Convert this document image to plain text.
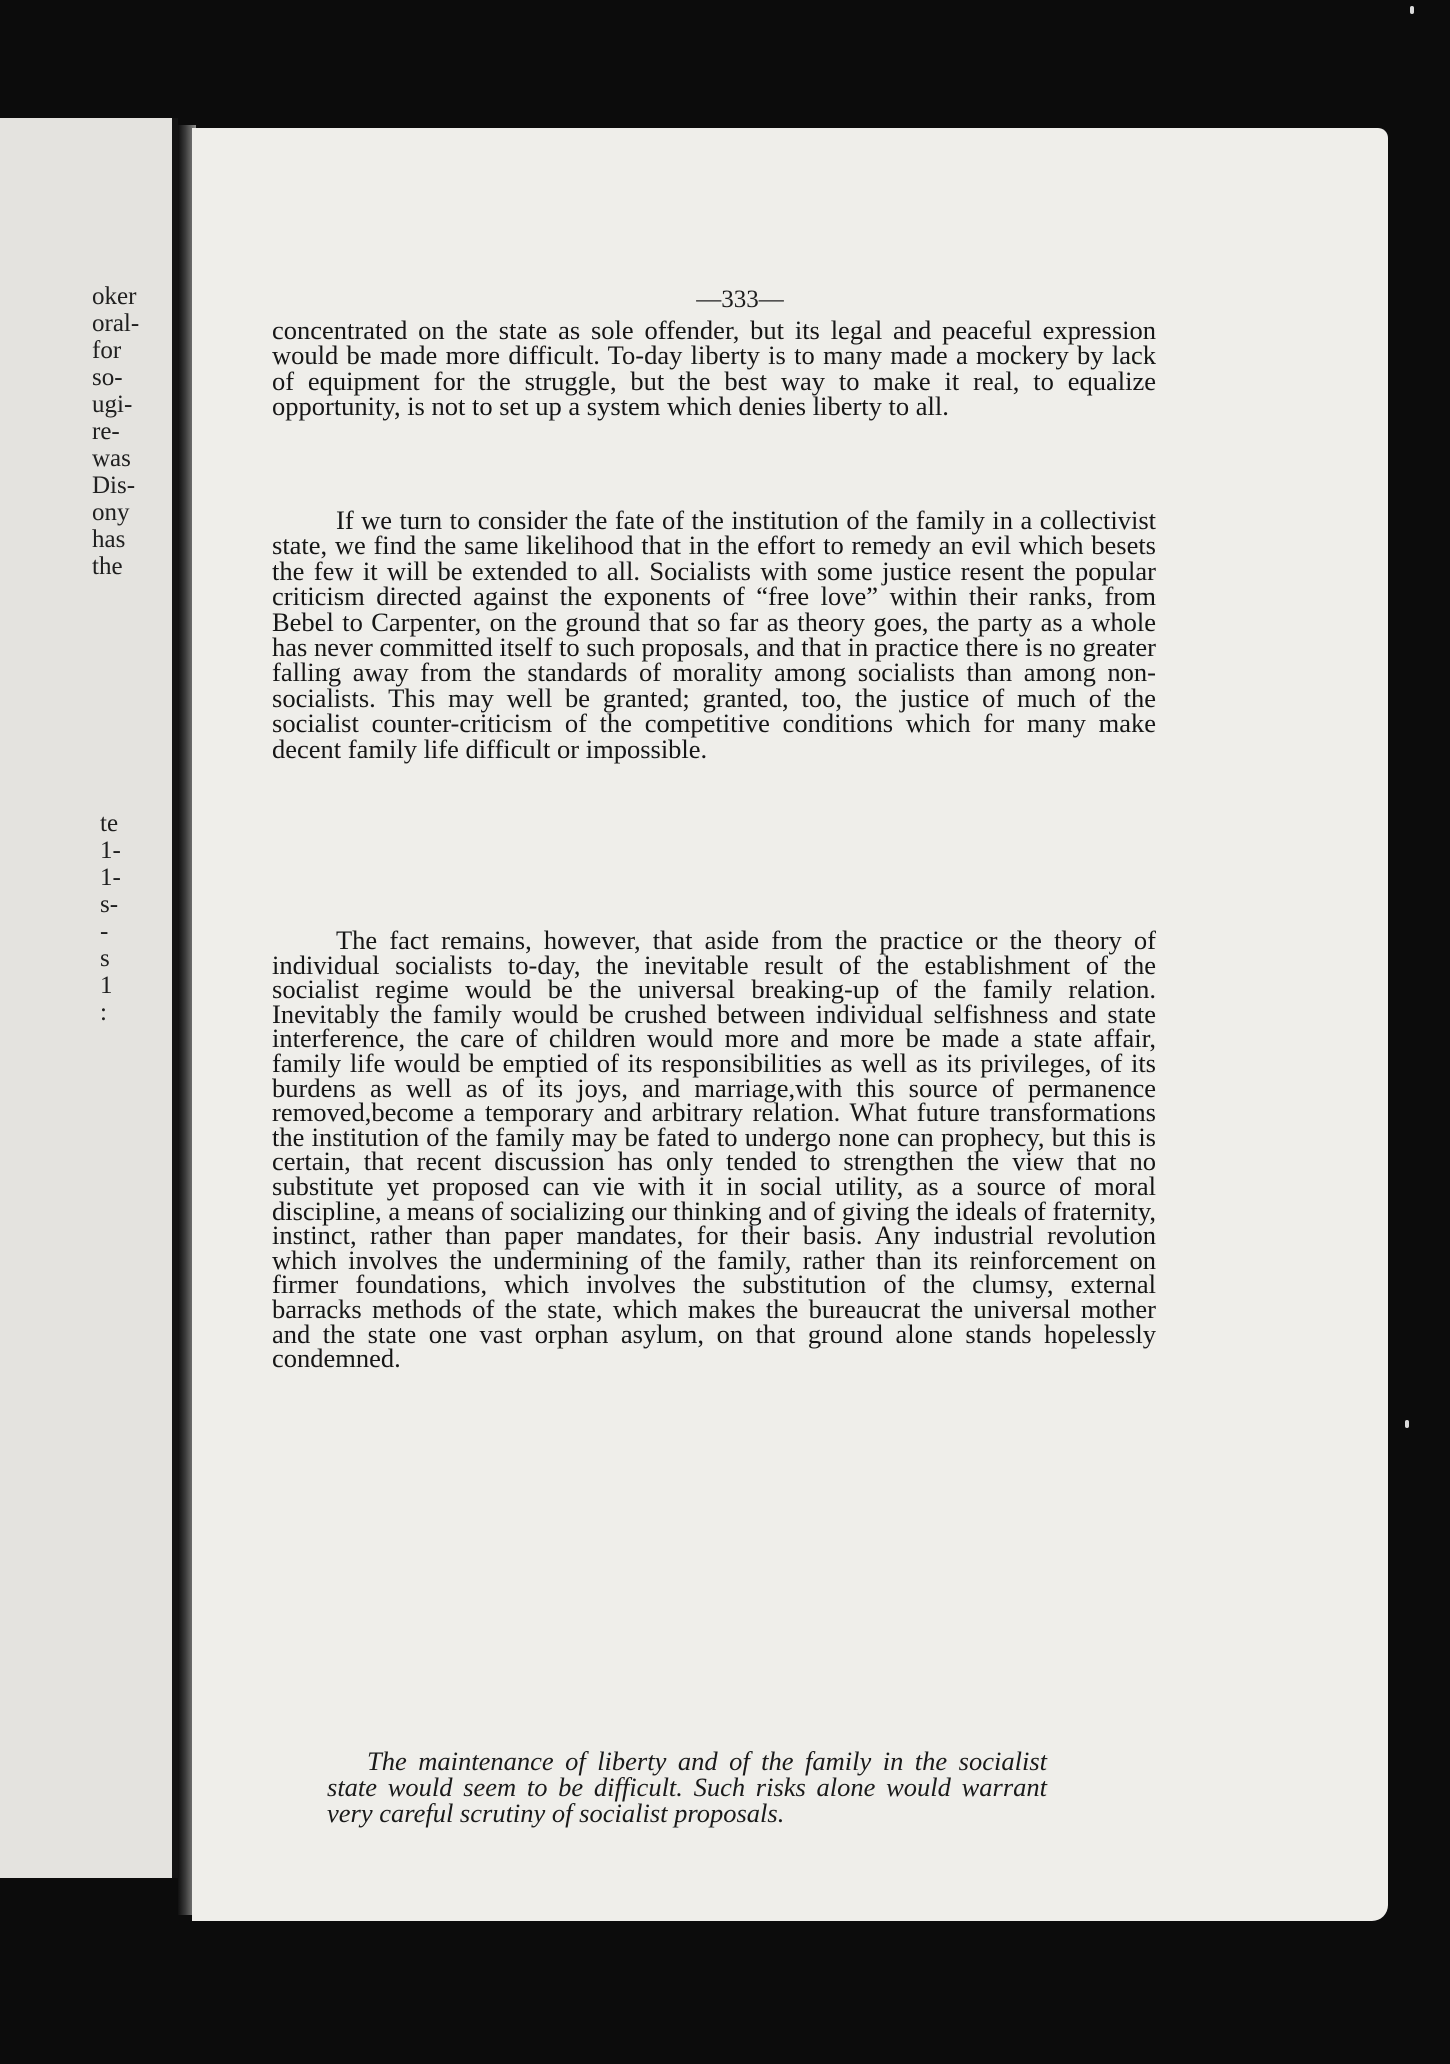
oker
oral-
for
so-
ugi-
re-
was
Dis-
ony
has
the
te
1-
1-
s-
-
s
1
:
—333—
concentrated on the state as sole offender, but its legal and peaceful expression would be made more difficult. To-day liberty is to many made a mockery by lack of equipment for the struggle, but the best way to make it real, to equalize opportunity, is not to set up a system which denies liberty to all.
If we turn to consider the fate of the institution of the family in a collectivist state, we find the same likelihood that in the effort to remedy an evil which besets the few it will be extended to all. Socialists with some justice resent the popular criticism directed against the exponents of “free love” within their ranks, from Bebel to Carpenter, on the ground that so far as theory goes, the party as a whole has never committed itself to such proposals, and that in practice there is no greater falling away from the standards of morality among socialists than among non-socialists. This may well be granted; granted, too, the justice of much of the socialist counter-criticism of the competitive conditions which for many make decent family life difficult or impossible.
The fact remains, however, that aside from the practice or the theory of individual socialists to-day, the inevitable result of the establishment of the socialist regime would be the universal breaking-up of the family relation. Inevitably the family would be crushed between individual selfishness and state interference, the care of children would more and more be made a state affair, family life would be emptied of its responsibilities as well as its privileges, of its burdens as well as of its joys, and marriage,with this source of permanence removed,become a temporary and arbitrary relation. What future transformations the institution of the family may be fated to undergo none can prophecy, but this is certain, that recent discussion has only tended to strengthen the view that no substitute yet proposed can vie with it in social utility, as a source of moral discipline, a means of socializing our thinking and of giving the ideals of fraternity, instinct, rather than paper mandates, for their basis. Any industrial revolution which involves the undermining of the family, rather than its reinforcement on firmer foundations, which involves the substitution of the clumsy, external barracks methods of the state, which makes the bureaucrat the universal mother and the state one vast orphan asylum, on that ground alone stands hopelessly condemned.
The maintenance of liberty and of the family in the socialist state would seem to be difficult. Such risks alone would warrant very careful scrutiny of socialist proposals.
